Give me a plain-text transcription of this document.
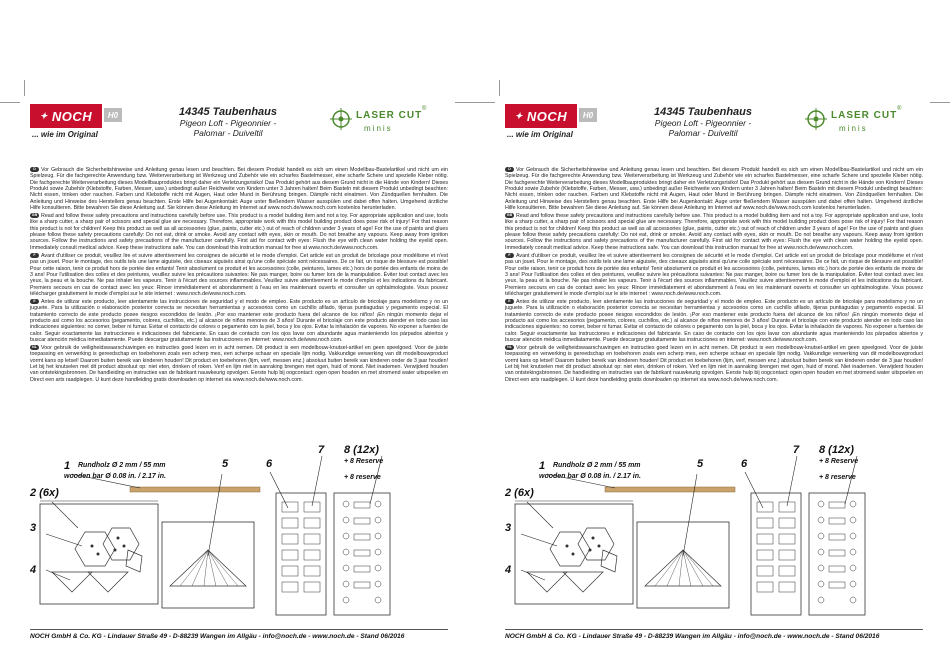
✦ NOCH	H0
... wie im Original
14345 Taubenhaus
Pigeon Loft - Pigeonnier -
Palomar - Duiveltil
LASER CUT
minis
®
D Vor Gebrauch die Sicherheitshinweise und Anleitung genau lesen und beachten. Bei diesem Produkt handelt es sich um einen Modellbau-Bastelartikel und nicht um ein Spielzeug. Für die fachgerechte Anwendung bzw. Weiterverarbeitung ist Werkzeug und Zubehör wie ein scharfes Bastelmesser, eine scharfe Schere und spezielle Kleber nötig. Die fachgerechte Weiterverarbeitung dieses Modellbauproduktes bringt daher ein Verletzungsrisiko! Das Produkt gehört aus diesem Grund nicht in die Hände von Kindern! Dieses Produkt sowie Zubehör (Klebstoffe, Farben, Messer, usw.) unbedingt außer Reichweite von Kindern unter 3 Jahren halten! Beim Basteln mit diesem Produkt unbedingt beachten: Nicht essen, trinken oder rauchen. Farben und Klebstoffe nicht mit Augen, Haut oder Mund in Berührung bringen. Dämpfe nicht einatmen. Von Zündquellen fernhalten. Die Anleitung und Hinweise des Herstellers genau beachten. Erste Hilfe bei Augenkontakt: Auge unter fließendem Wasser ausspülen und dabei offen halten. Umgehend ärztliche Hilfe konsultieren. Bitte bewahren Sie diese Anleitung auf. Sie können diese Anleitung im Internet auf www.noch.de/www.noch.com kostenlos herunterladen.
GB Read and follow these safety precautions and instructions carefully before use. This product is a model building item and not a toy. For appropriate application and use, tools like a sharp cutter, a sharp pair of scissors and special glue are necessary. Therefore, appropriate work with this model building product does pose risk of injury! For that reason this product is not for children! Keep this product as well as all accessories (glue, paints, cutter etc.) out of reach of children under 3 years of age! For the use of paints and glues please follow these safety precautions carefully: Do not eat, drink or smoke. Avoid any contact with eyes, skin or mouth. Do not breathe any vapours. Keep away from ignition sources. Follow the instructions and safety precautions of the manufacturer carefully. First aid for contact with eyes: Flush the eye with clean water holding the eyelid open. Immediately consult medical advice. Keep these instructions safe. You can download this instruction manual for free at www.noch.de/www.noch.com.
F Avant d'utiliser ce produit, veuillez lire et suivre attentivement les consignes de sécurité et le mode d'emploi. Cet article est un produit de bricolage pour modélisme et n'est pas un jouet. Pour le montage, des outils tels une lame aiguisée, des ciseaux aiguisés ainsi qu'une colle spéciale sont nécessaires. De ce fait, un risque de blessure est possible! Pour cette raison, tenir ce produit hors de portée des enfants! Tenir absolument ce produit et les accessoires (colle, peintures, lames etc.) hors de portée des enfants de moins de 3 ans! Pour l'utilisation des colles et des peintures, veuillez suivre les précautions suivantes: Ne pas manger, boire ou fumer lors de la manipulation. Éviter tout contact avec les yeux, la peau et la bouche. Ne pas inhaler les vapeurs. Tenir à l'écart des sources inflammables. Veuillez suivre attentivement le mode d'emploi et les indications du fabricant. Premiers secours en cas de contact avec les yeux: Rincer immédiatement et abondamment à l'eau en les maintenant ouverts et consulter un ophtalmologiste. Vous pouvez télécharger gratuitement le mode d'emploi sur le site internet : www.noch.de/www.noch.com.
E Antes de utilizar este producto, leer atentamente las instrucciones de seguridad y el modo de empleo. Este producto es un artículo de bricolaje para modelismo y no un juguete. Para la utilización o elaboración posterior correcta se necesitan herramientas y accesorios como un cuchillo afilado, tijeras puntiagudas y pegamento especial. El tratamiento correcto de este producto posee riesgos escondidos de lesión. ¡Por eso mantener este producto fuera del alcance de los niños! ¡En ningún momento dejar el producto así como los accesorios (pegamento, colores, cuchillos, etc.) al alcance de niños menores de 3 años! Durante el bricolaje con este producto atender en todo caso las indicaciones siguientes: no comer, beber ni fumar. Evitar el contacto de colores o pegamento con la piel, boca y los ojos. Evitar la inhalación de vapores. No exponer a fuentes de calor. Seguir exactamente las instrucciones e indicaciones del fabricante. En caso de contacto con los ojos lavar con abundante agua manteniendo los párpados abiertos y buscar atención médica inmediatamente. Puede descargar gratuitamente las instrucciones en internet: www.noch.de/www.noch.com.
NL Voor gebruik de veiligheidswaarschuwingen en instructies goed lezen en in acht nemen. Dit product is een modelbouw-knutsel-artikel en geen speelgoed. Voor de juiste toepassing en verwerking is gereedschap en toebehoren zoals een scherp mes, een scherpe schaar en speciale lijm nodig. Vakkundige verwerking van dit modelbouwproduct vormt kans op letsel! Daarom buiten bereik van kinderen houden! Dit product en toebehoren (lijm, verf, messen enz.) absoluut buiten bereik van kinderen onder de 3 jaar houden! Let bij het knutselen met dit product absoluut op: niet eten, drinken of roken. Verf en lijm niet in aanraking brengen met ogen, huid of mond. Niet inademen. Verwijderd houden van ontstekingsbronnen. De handleiding en instructies van de fabrikant nauwkeurig opvolgen. Eerste hulp bij oogcontact: ogen open houden en met stromend water uitspoelen en Direct een arts raadplegen. U kunt deze handleiding gratis downloaden op internet via www.noch.de/www.noch.com.
1 Rundholz Ø 2 mm / 55 mm
wooden bar Ø 0.08 in. / 2.17 in.
2 (6x)
3
4
5	6
7 8 (12x)
+ 8 Reserve
+ 8 reserve
NOCH GmbH & Co. KG - Lindauer Straße 49 - D-88239 Wangen im Allgäu - info@noch.de - www.noch.de - Stand 06/2016
✦ NOCH	H0
... wie im Original
14345 Taubenhaus
Pigeon Loft - Pigeonnier -
Palomar - Duiveltil
LASER CUT
minis
®
D Vor Gebrauch die Sicherheitshinweise und Anleitung genau lesen und beachten. Bei diesem Produkt handelt es sich um einen Modellbau-Bastelartikel und nicht um ein Spielzeug. Für die fachgerechte Anwendung bzw. Weiterverarbeitung ist Werkzeug und Zubehör wie ein scharfes Bastelmesser, eine scharfe Schere und spezielle Kleber nötig. Die fachgerechte Weiterverarbeitung dieses Modellbauproduktes bringt daher ein Verletzungsrisiko! Das Produkt gehört aus diesem Grund nicht in die Hände von Kindern! Dieses Produkt sowie Zubehör (Klebstoffe, Farben, Messer, usw.) unbedingt außer Reichweite von Kindern unter 3 Jahren halten! Beim Basteln mit diesem Produkt unbedingt beachten: Nicht essen, trinken oder rauchen. Farben und Klebstoffe nicht mit Augen, Haut oder Mund in Berührung bringen. Dämpfe nicht einatmen. Von Zündquellen fernhalten. Die Anleitung und Hinweise des Herstellers genau beachten. Erste Hilfe bei Augenkontakt: Auge unter fließendem Wasser ausspülen und dabei offen halten. Umgehend ärztliche Hilfe konsultieren. Bitte bewahren Sie diese Anleitung auf. Sie können diese Anleitung im Internet auf www.noch.de/www.noch.com kostenlos herunterladen.
GB Read and follow these safety precautions and instructions carefully before use. This product is a model building item and not a toy. For appropriate application and use, tools like a sharp cutter, a sharp pair of scissors and special glue are necessary. Therefore, appropriate work with this model building product does pose risk of injury! For that reason this product is not for children! Keep this product as well as all accessories (glue, paints, cutter etc.) out of reach of children under 3 years of age! For the use of paints and glues please follow these safety precautions carefully: Do not eat, drink or smoke. Avoid any contact with eyes, skin or mouth. Do not breathe any vapours. Keep away from ignition sources. Follow the instructions and safety precautions of the manufacturer carefully. First aid for contact with eyes: Flush the eye with clean water holding the eyelid open. Immediately consult medical advice. Keep these instructions safe. You can download this instruction manual for free at www.noch.de/www.noch.com.
F Avant d'utiliser ce produit, veuillez lire et suivre attentivement les consignes de sécurité et le mode d'emploi. Cet article est un produit de bricolage pour modélisme et n'est pas un jouet. Pour le montage, des outils tels une lame aiguisée, des ciseaux aiguisés ainsi qu'une colle spéciale sont nécessaires. De ce fait, un risque de blessure est possible! Pour cette raison, tenir ce produit hors de portée des enfants! Tenir absolument ce produit et les accessoires (colle, peintures, lames etc.) hors de portée des enfants de moins de 3 ans! Pour l'utilisation des colles et des peintures, veuillez suivre les précautions suivantes: Ne pas manger, boire ou fumer lors de la manipulation. Éviter tout contact avec les yeux, la peau et la bouche. Ne pas inhaler les vapeurs. Tenir à l'écart des sources inflammables. Veuillez suivre attentivement le mode d'emploi et les indications du fabricant. Premiers secours en cas de contact avec les yeux: Rincer immédiatement et abondamment à l'eau en les maintenant ouverts et consulter un ophtalmologiste. Vous pouvez télécharger gratuitement le mode d'emploi sur le site internet : www.noch.de/www.noch.com.
E Antes de utilizar este producto, leer atentamente las instrucciones de seguridad y el modo de empleo. Este producto es un artículo de bricolaje para modelismo y no un juguete. Para la utilización o elaboración posterior correcta se necesitan herramientas y accesorios como un cuchillo afilado, tijeras puntiagudas y pegamento especial. El tratamiento correcto de este producto posee riesgos escondidos de lesión. ¡Por eso mantener este producto fuera del alcance de los niños! ¡En ningún momento dejar el producto así como los accesorios (pegamento, colores, cuchillos, etc.) al alcance de niños menores de 3 años! Durante el bricolaje con este producto atender en todo caso las indicaciones siguientes: no comer, beber ni fumar. Evitar el contacto de colores o pegamento con la piel, boca y los ojos. Evitar la inhalación de vapores. No exponer a fuentes de calor. Seguir exactamente las instrucciones e indicaciones del fabricante. En caso de contacto con los ojos lavar con abundante agua manteniendo los párpados abiertos y buscar atención médica inmediatamente. Puede descargar gratuitamente las instrucciones en internet: www.noch.de/www.noch.com.
NL Voor gebruik de veiligheidswaarschuwingen en instructies goed lezen en in acht nemen. Dit product is een modelbouw-knutsel-artikel en geen speelgoed. Voor de juiste toepassing en verwerking is gereedschap en toebehoren zoals een scherp mes, een scherpe schaar en speciale lijm nodig. Vakkundige verwerking van dit modelbouwproduct vormt kans op letsel! Daarom buiten bereik van kinderen houden! Dit product en toebehoren (lijm, verf, messen enz.) absoluut buiten bereik van kinderen onder de 3 jaar houden! Let bij het knutselen met dit product absoluut op: niet eten, drinken of roken. Verf en lijm niet in aanraking brengen met ogen, huid of mond. Niet inademen. Verwijderd houden van ontstekingsbronnen. De handleiding en instructies van de fabrikant nauwkeurig opvolgen. Eerste hulp bij oogcontact: ogen open houden en met stromend water uitspoelen en Direct een arts raadplegen. U kunt deze handleiding gratis downloaden op internet via www.noch.de/www.noch.com.
1 Rundholz Ø 2 mm / 55 mm
wooden bar Ø 0.08 in. / 2.17 in.
2 (6x)
3
4
5	6
7 8 (12x)
+ 8 Reserve
+ 8 reserve
NOCH GmbH & Co. KG - Lindauer Straße 49 - D-88239 Wangen im Allgäu - info@noch.de - www.noch.de - Stand 06/2016
